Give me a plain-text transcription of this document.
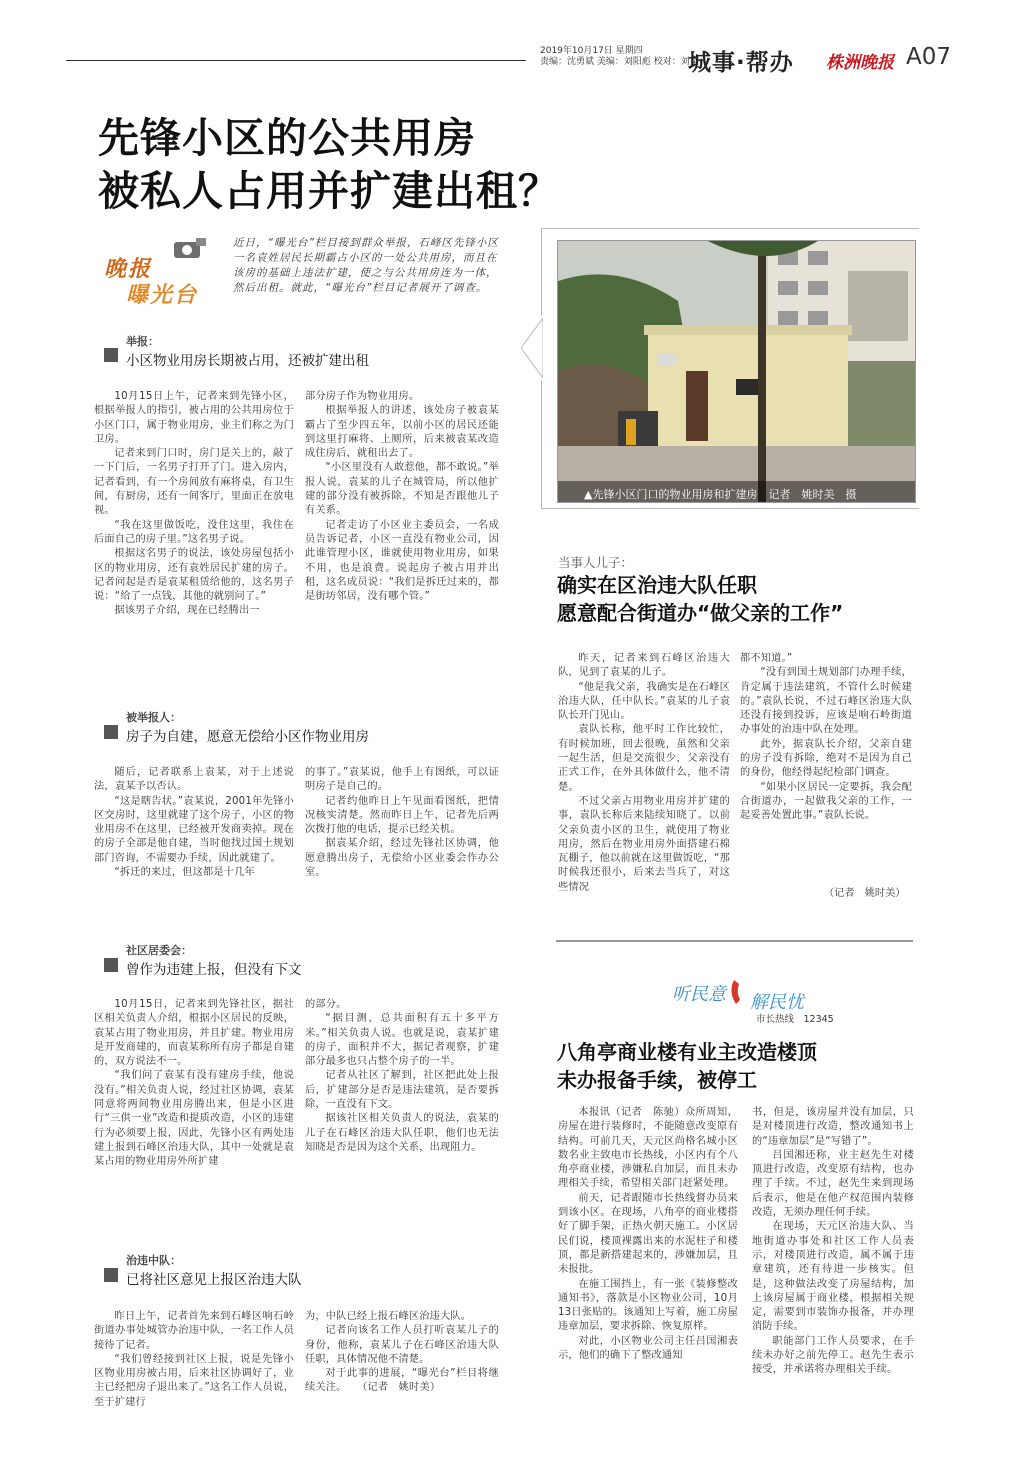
2019年10月17日 星期四
责编：沈勇斌 美编：刘阳彪 校对：刘星
城事·帮办 株洲晚报 A07
先锋小区的公共用房
被私人占用并扩建出租？
晚报
曝光台
近日，“曝光台”栏目接到群众举报，石峰区先锋小区一名袁姓居民长期霸占小区的一处公共用房，而且在该房的基础上违法扩建，使之与公共用房连为一体，然后出租。就此，“曝光台”栏目记者展开了调查。
举报：
小区物业用房长期被占用，还被扩建出租

10月15日上午，记者来到先锋小区，根据举报人的指引，被占用的公共用房位于小区门口，属于物业用房，业主们称之为门卫房。

记者来到门口时，房门是关上的，敲了一下门后，一名男子打开了门。进入房内，记者看到，有一个房间放有麻将桌，有卫生间，有厨房，还有一间客厅，里面正在放电视。

“我在这里做饭吃，没住这里，我住在后面自己的房子里。”这名男子说。

根据这名男子的说法，该处房屋包括小区的物业用房，还有袁姓居民扩建的房子。记者问起是否是袁某租赁给他的，这名男子说：“给了一点钱，其他的就别问了。”

据该男子介绍，现在已经腾出一

部分房子作为物业用房。

根据举报人的讲述，该处房子被袁某霸占了至少四五年，以前小区的居民还能到这里打麻将、上厕所，后来被袁某改造成住房后，就租出去了。

“小区里没有人敢惹他，都不敢说。”举报人说，袁某的儿子在城管局，所以他扩建的部分没有被拆除，不知是否跟他儿子有关系。

记者走访了小区业主委员会，一名成员告诉记者，小区一直没有物业公司，因此谁管理小区，谁就使用物业用房，如果不用，也是浪费。说起房子被占用并出租，这名成员说：“我们是拆迁过来的，都是街坊邻居，没有哪个管。”

被举报人：
房子为自建，愿意无偿给小区作物业用房

随后，记者联系上袁某，对于上述说法，袁某予以否认。

“这是瞎告状。”袁某说，2001年先锋小区交房时，这里就建了这个房子，小区的物业用房不在这里，已经被开发商卖掉。现在的房子全部是他自建，当时他找过国土规划部门咨询，不需要办手续，因此就建了。

“拆迁的来过，但这都是十几年

的事了。”袁某说，他手上有图纸，可以证明房子是自己的。

记者约他昨日上午见面看图纸，把情况核实清楚。然而昨日上午，记者先后两次拨打他的电话，提示已经关机。

据袁某介绍，经过先锋社区协调，他愿意腾出房子，无偿给小区业委会作办公室。

社区居委会：
曾作为违建上报，但没有下文

10月15日，记者来到先锋社区，据社区相关负责人介绍，根据小区居民的反映，袁某占用了物业用房，并且扩建。物业用房是开发商建的，而袁某称所有房子都是自建的，双方说法不一。

“我们问了袁某有没有建房手续，他说没有。”相关负责人说，经过社区协调，袁某同意将两间物业用房腾出来，但是小区进行“三供一业”改造和提质改造，小区的违建行为必须要上报，因此，先锋小区有两处违建上报到石峰区治违大队，其中一处就是袁某占用的物业用房外所扩建

的部分。

“据目测，总共面积有五十多平方米。”相关负责人说。也就是说，袁某扩建的房子，面积并不大，据记者观察，扩建部分最多也只占整个房子的一半。

记者从社区了解到，社区把此处上报后，扩建部分是否是违法建筑，是否要拆除，一直没有下文。

据该社区相关负责人的说法，袁某的儿子在石峰区治违大队任职，他们也无法知晓是否是因为这个关系，出现阻力。

治违中队：
已将社区意见上报区治违大队

昨日上午，记者首先来到石峰区响石岭街道办事处城管办治违中队，一名工作人员接待了记者。

“我们曾经接到社区上报，说是先锋小区物业用房被占用，后来社区协调好了，业主已经把房子退出来了。”这名工作人员说，至于扩建行

为，中队已经上报石峰区治违大队。

记者向该名工作人员打听袁某儿子的身份，他称，袁某儿子在石峰区治违大队任职，具体情况他不清楚。

对于此事的进展，“曝光台”栏目将继续关注。　　（记者　姚时美）

▲先锋小区门口的物业用房和扩建房　记者　姚时美　摄
当事人儿子：
确实在区治违大队任职
愿意配合街道办“做父亲的工作”

昨天，记者来到石峰区治违大队，见到了袁某的儿子。

“他是我父亲，我确实是在石峰区治违大队，任中队长。”袁某的儿子袁队长开门见山。

袁队长称，他平时工作比较忙，有时候加班，回去很晚，虽然和父亲一起生活，但是交流很少，父亲没有正式工作，在外具体做什么，他不清楚。

不过父亲占用物业用房并扩建的事，袁队长称后来陆续知晓了。以前父亲负责小区的卫生，就使用了物业用房，然后在物业用房外面搭建石棉瓦棚子，他以前就在这里做饭吃，“那时候我还很小，后来去当兵了，对这些情况

都不知道。”

“没有到国土规划部门办理手续，肯定属于违法建筑，不管什么时候建的。”袁队长说，不过石峰区治违大队还没有接到投诉，应该是响石岭街道办事处的治违中队在处理。

此外，据袁队长介绍，父亲自建的房子没有拆除，绝对不是因为自己的身份，他经得起纪检部门调查。

“如果小区居民一定要拆，我会配合街道办，一起做我父亲的工作，一起妥善处置此事。”袁队长说。

（记者　姚时美）
听民意 解民忧
市长热线　12345
八角亭商业楼有业主改造楼顶
未办报备手续，被停工

本报讯（记者　陈驰）众所周知，房屋在进行装修时，不能随意改变原有结构。可前几天，天元区尚格名城小区数名业主致电市长热线，小区内有个八角亭商业楼，涉嫌私自加层，而且未办理相关手续，希望相关部门赶紧处理。

前天，记者跟随市长热线督办员来到该小区。在现场，八角亭的商业楼搭好了脚手架，正热火朝天施工。小区居民们说，楼顶裸露出来的水泥柱子和楼顶，都是新搭建起来的，涉嫌加层，且未报批。

在施工围挡上，有一张《装修整改通知书》，落款是小区物业公司，10月13日张贴的。该通知上写着，施工房屋违章加层，要求拆除、恢复原样。

对此，小区物业公司主任吕国湘表示，他们的确下了整改通知

书，但是，该房屋并没有加层，只是对楼顶进行改造，整改通知书上的“违章加层”是“写错了”。

吕国湘还称，业主赵先生对楼顶进行改造，改变原有结构，也办理了手续。不过，赵先生来到现场后表示，他是在他产权范围内装修改造，无须办理任何手续。

在现场，天元区治违大队、当地街道办事处和社区工作人员表示，对楼顶进行改造，属不属于违章建筑，还有待进一步核实。但是，这种做法改变了房屋结构，加上该房屋属于商业楼，根据相关规定，需要到市装饰办报备，并办理消防手续。

职能部门工作人员要求，在手续未办好之前先停工。赵先生表示接受，并承诺将办理相关手续。
